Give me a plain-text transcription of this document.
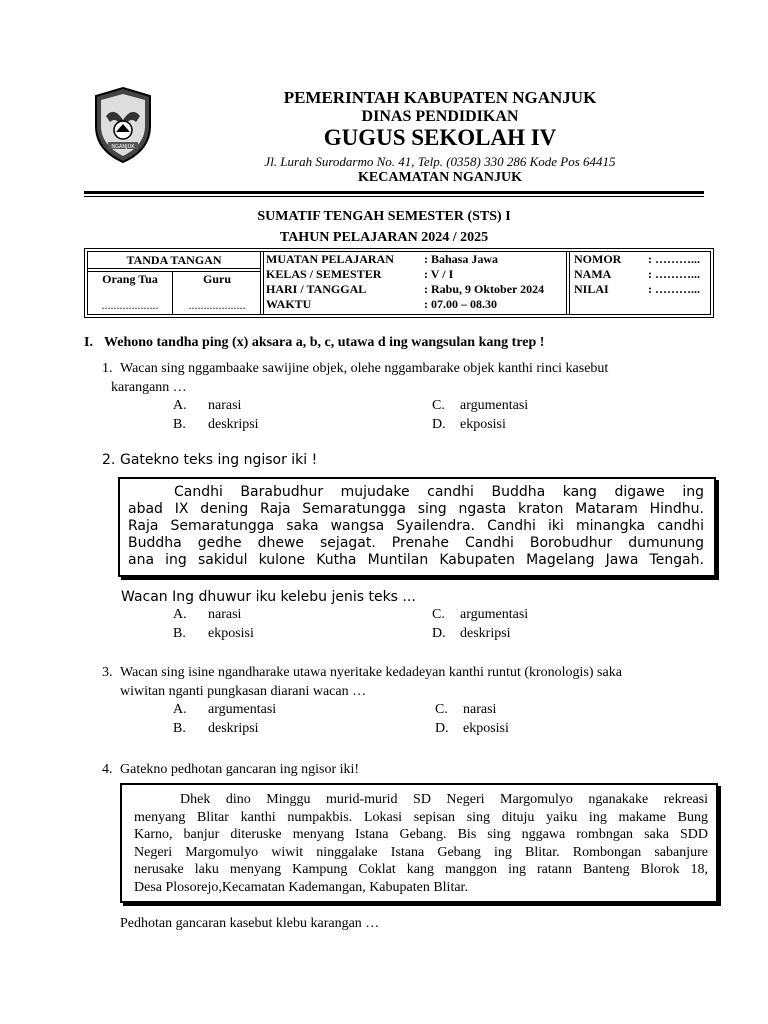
NGANJUK
PEMERINTAH KABUPATEN NGANJUK
DINAS PENDIDIKAN
GUGUS SEKOLAH IV
Jl. Lurah Surodarmo No. 41, Telp. (0358) 330 286 Kode Pos 64415
KECAMATAN NGANJUK
SUMATIF TENGAH SEMESTER (STS) I
TAHUN PELAJARAN 2024 / 2025
TANDA TANGAN
Orang Tua	Guru
...................	...................
MUATAN PELAJARAN
KELAS / SEMESTER
HARI / TANGGAL
WAKTU
: Bahasa Jawa
: V / I
: Rabu, 9 Oktober 2024
: 07.00 – 08.30
NOMOR
NAMA
NILAI
: ………...
: ………...
: ………...
I. Wehono tandha ping (x) aksara a, b, c, utawa d ing wangsulan kang trep !
1. Wacan sing nggambaake sawijine objek, olehe nggambarake objek kanthi rinci kasebut
karangann …
A. narasi
B. deskripsi
C. argumentasi
D. ekposisi
2. Gatekno teks ing ngisor iki !
Candhi Barabudhur mujudake candhi Buddha kang digawe ing
abad IX dening Raja Semaratungga sing ngasta kraton Mataram Hindhu.
Raja Semaratungga saka wangsa Syailendra. Candhi iki minangka candhi
Buddha gedhe dhewe sejagat. Prenahe Candhi Borobudhur dumunung
ana ing sakidul kulone Kutha Muntilan Kabupaten Magelang Jawa Tengah.
Wacan Ing dhuwur iku kelebu jenis teks ...
A. narasi
B. ekposisi
C. argumentasi
D. deskripsi
3. Wacan sing isine ngandharake utawa nyeritake kedadeyan kanthi runtut (kronologis) saka
wiwitan nganti pungkasan diarani wacan …
A. argumentasi
B. deskripsi
C. narasi
D. ekposisi
4. Gatekno pedhotan gancaran ing ngisor iki!
Dhek dino Minggu murid-murid SD Negeri Margomulyo nganakake rekreasi
menyang Blitar kanthi numpakbis. Lokasi sepisan sing dituju yaiku ing makame Bung
Karno, banjur diteruske menyang Istana Gebang. Bis sing nggawa rombngan saka SDD
Negeri Margomulyo wiwit ninggalake Istana Gebang ing Blitar. Rombongan sabanjure
nerusake laku menyang Kampung Coklat kang manggon ing ratann Banteng Blorok 18,
Desa Plosorejo,Kecamatan Kademangan, Kabupaten Blitar.
Pedhotan gancaran kasebut klebu karangan …
